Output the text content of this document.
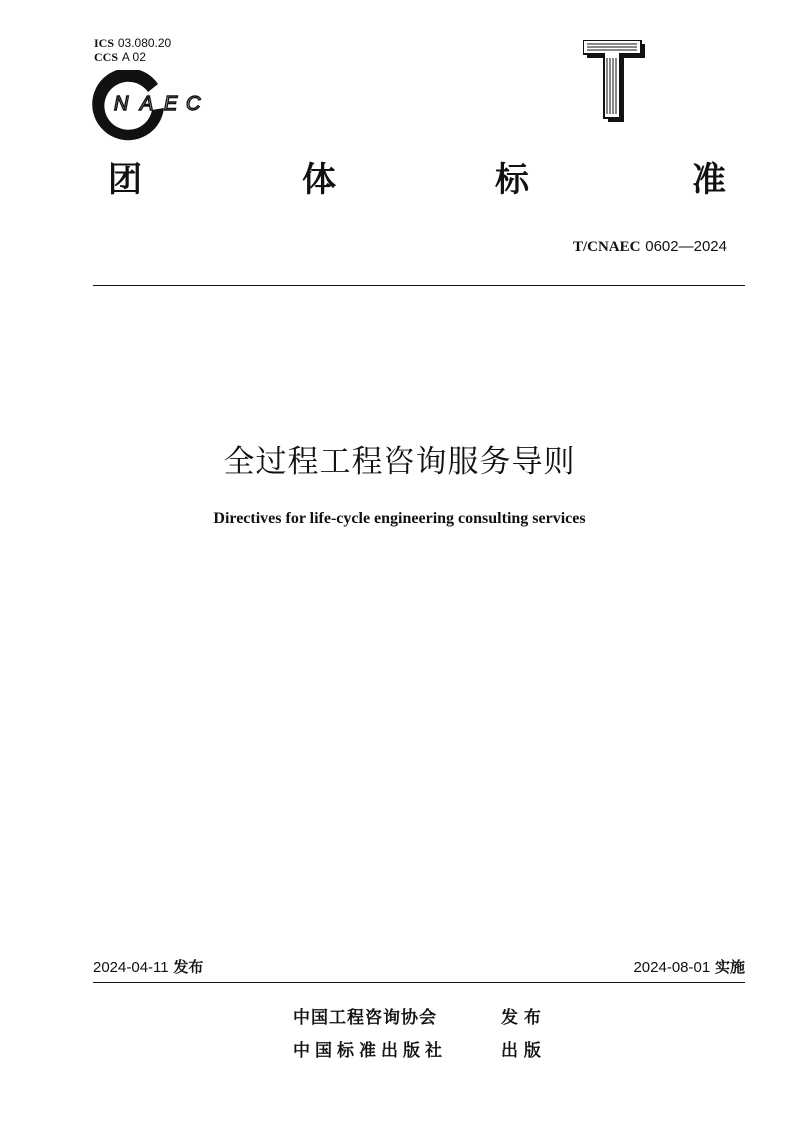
ICS 03.080.20
CCS A 02
N A E C
团	体	标	准
T/CNAEC 0602—2024
全过程工程咨询服务导则
Directives for life-cycle engineering consulting services
2024-04-11 发布	2024-08-01 实施
中国工程咨询协会	发 布
中国标准出版社	出 版
